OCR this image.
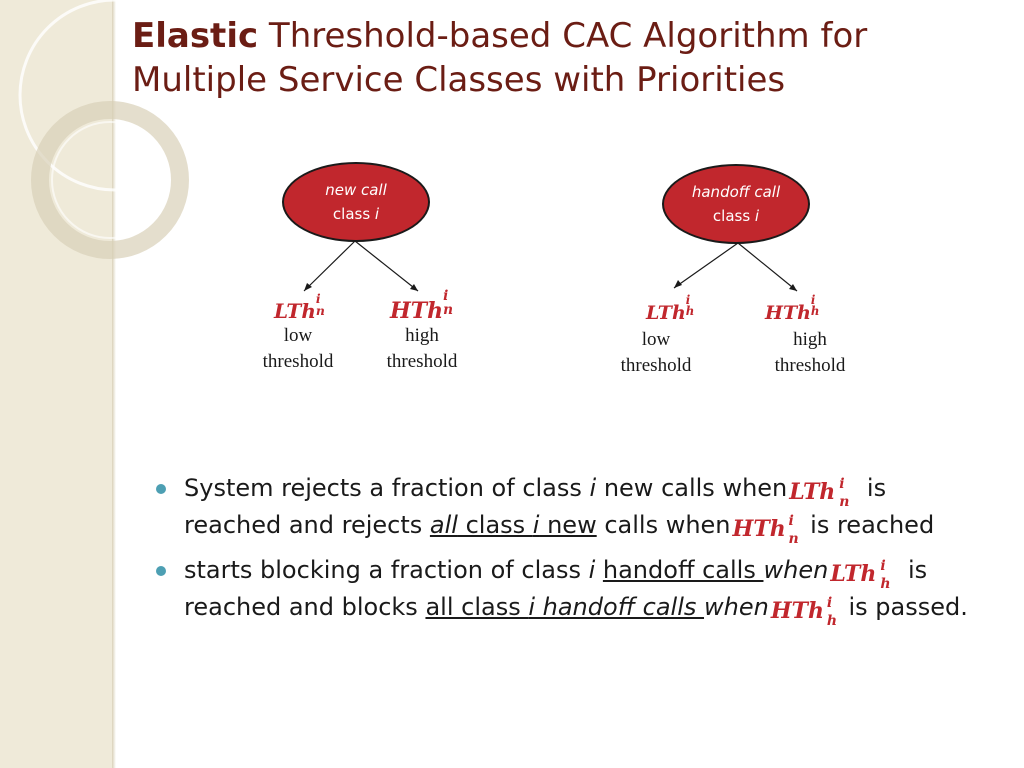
Elastic Threshold-based CAC Algorithm for Multiple Service Classes with Priorities
new call
class i
handoff call
class i
LTh
i
n	HTh
i
n	LTh
i
h	HTh
i
h
low
threshold
high
threshold
low
threshold
high
threshold
System rejects a fraction of class i new calls when LTh i
n is reached and rejects all class i new calls when HTh i
n is reached
starts blocking a fraction of class i handoff calls when LTh i
h is reached and blocks all class i handoff calls when HTh i
h is passed.
